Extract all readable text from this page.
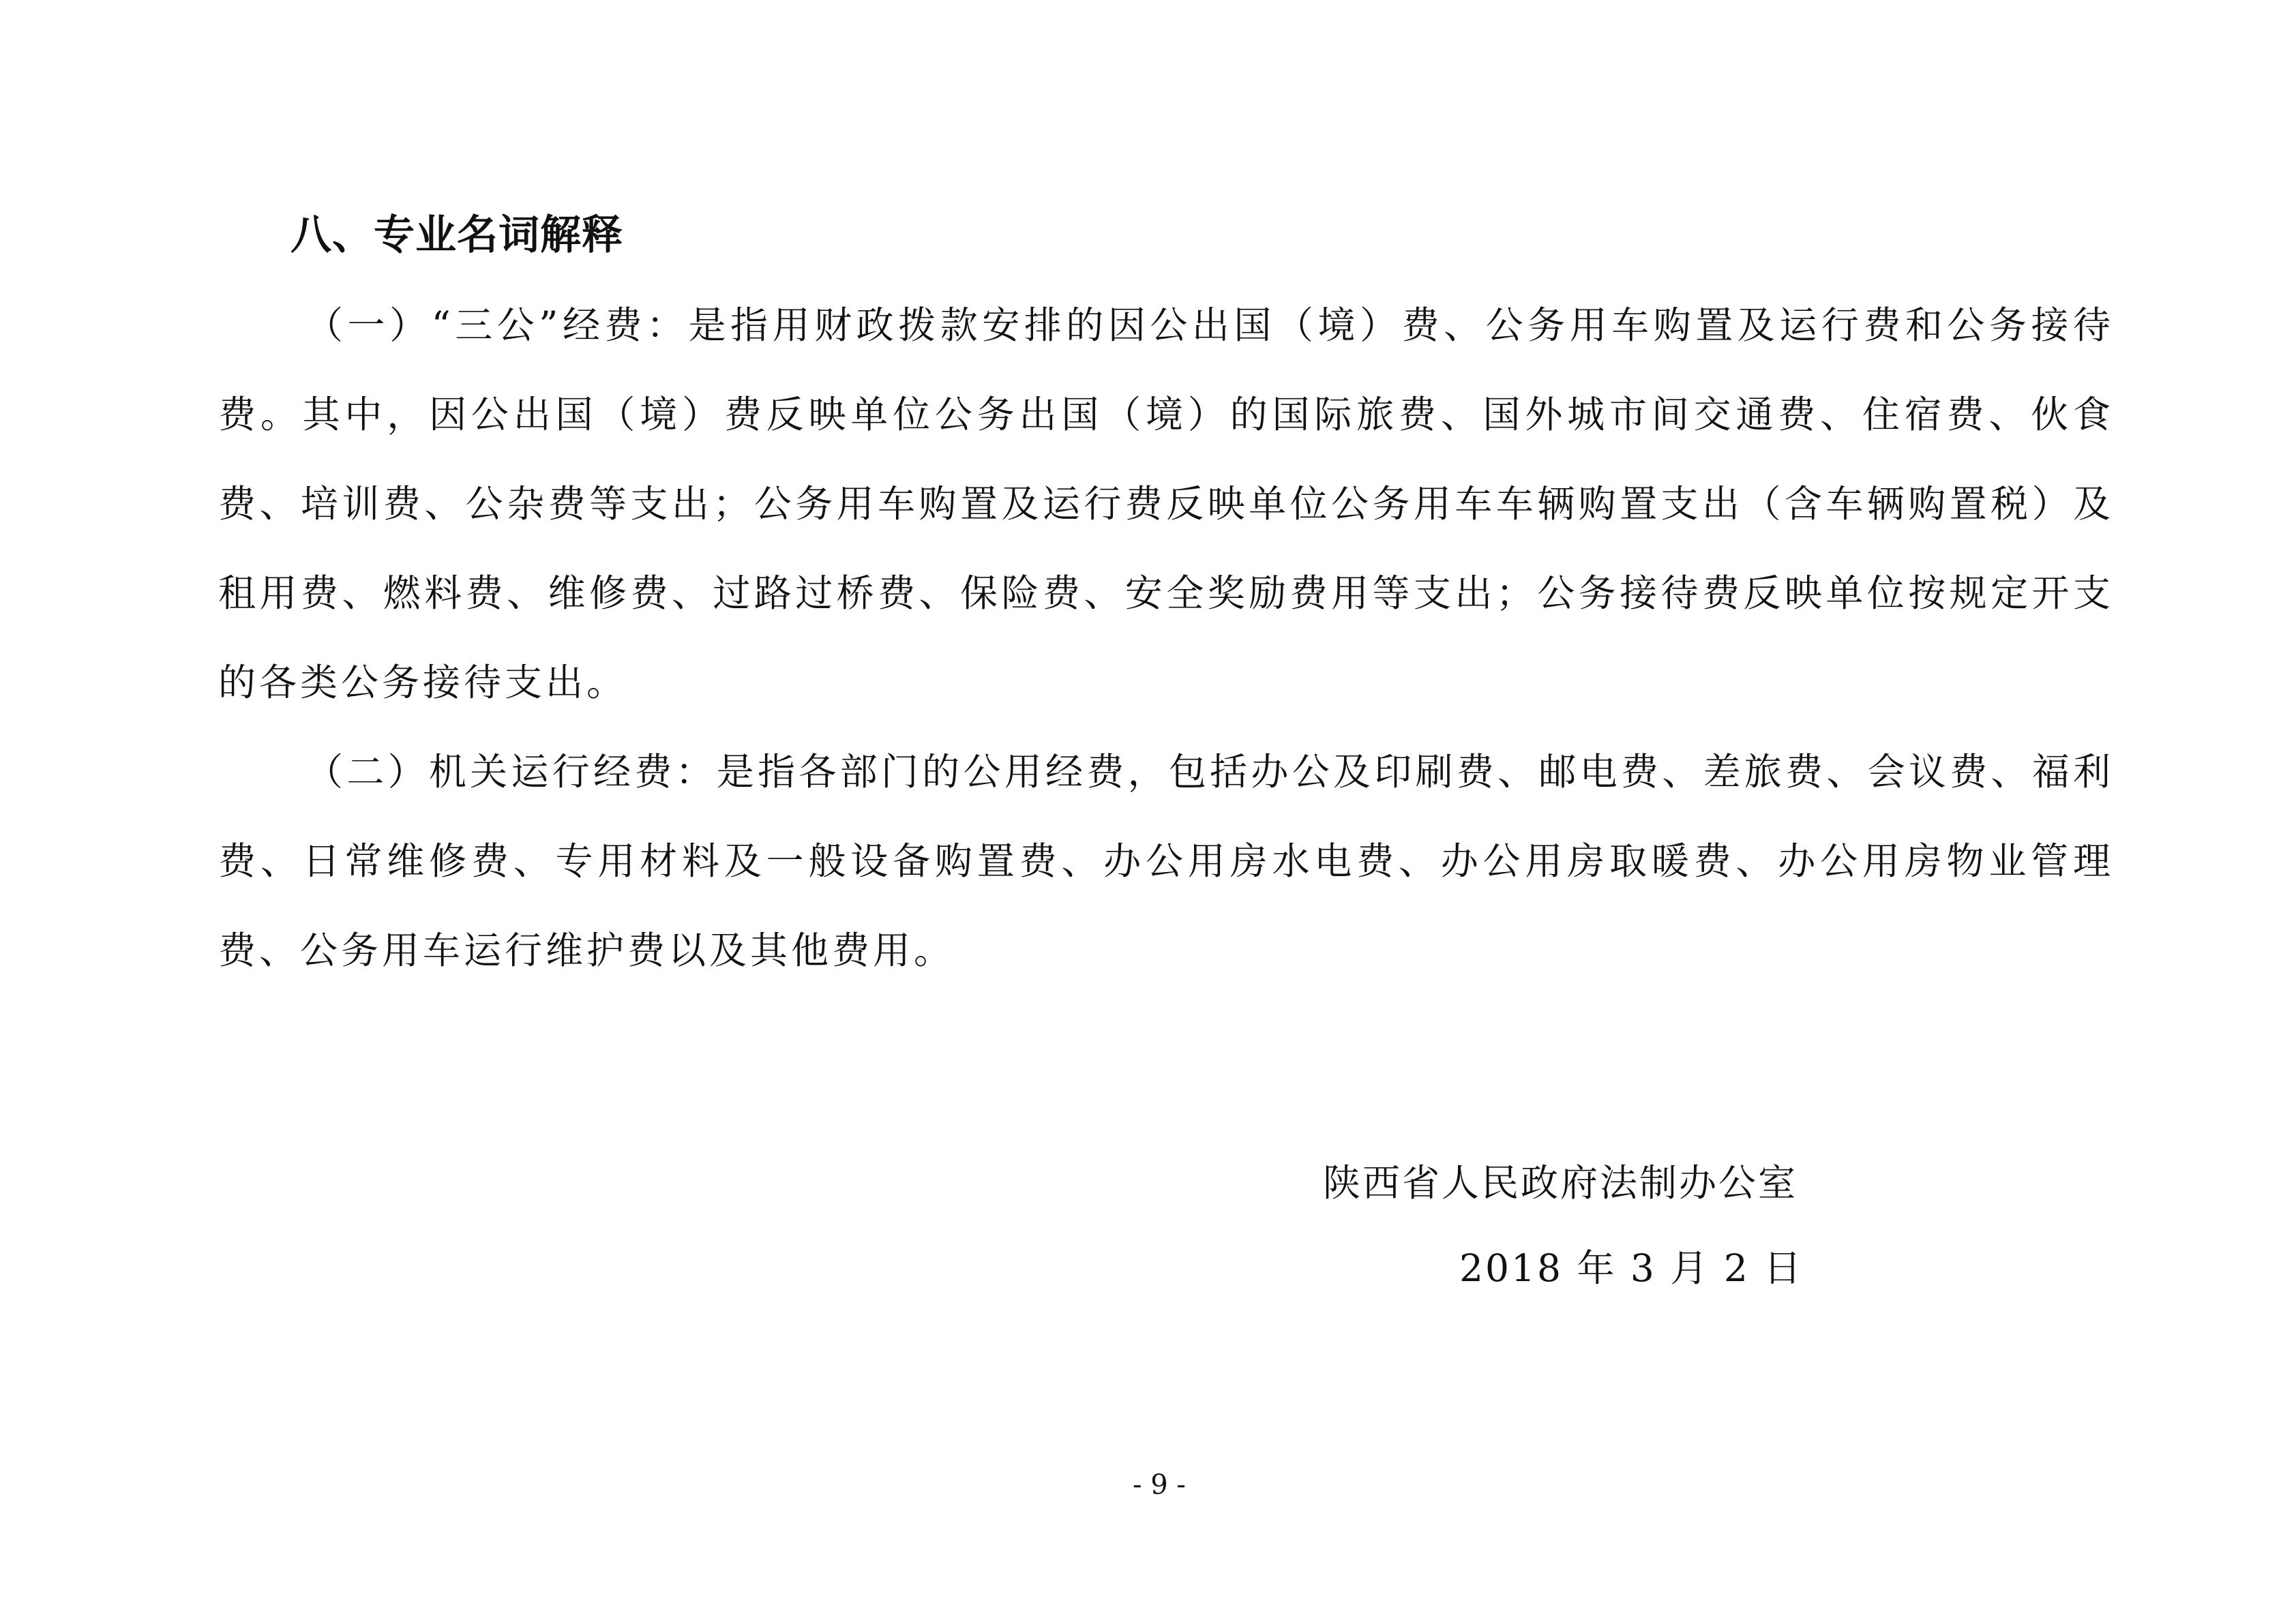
八、专业名词解释

（一）“三公”经费：是指用财政拨款安排的因公出国（境）费、公务用车购置及运行费和公务接待费。其中，因公出国（境）费反映单位公务出国（境）的国际旅费、国外城市间交通费、住宿费、伙食费、培训费、公杂费等支出；公务用车购置及运行费反映单位公务用车车辆购置支出（含车辆购置税）及租用费、燃料费、维修费、过路过桥费、保险费、安全奖励费用等支出；公务接待费反映单位按规定开支的各类公务接待支出。

（二）机关运行经费：是指各部门的公用经费，包括办公及印刷费、邮电费、差旅费、会议费、福利费、日常维修费、专用材料及一般设备购置费、办公用房水电费、办公用房取暖费、办公用房物业管理费、公务用车运行维护费以及其他费用。

陕西省人民政府法制办公室
2018 年 3 月 2 日
- 9 -
